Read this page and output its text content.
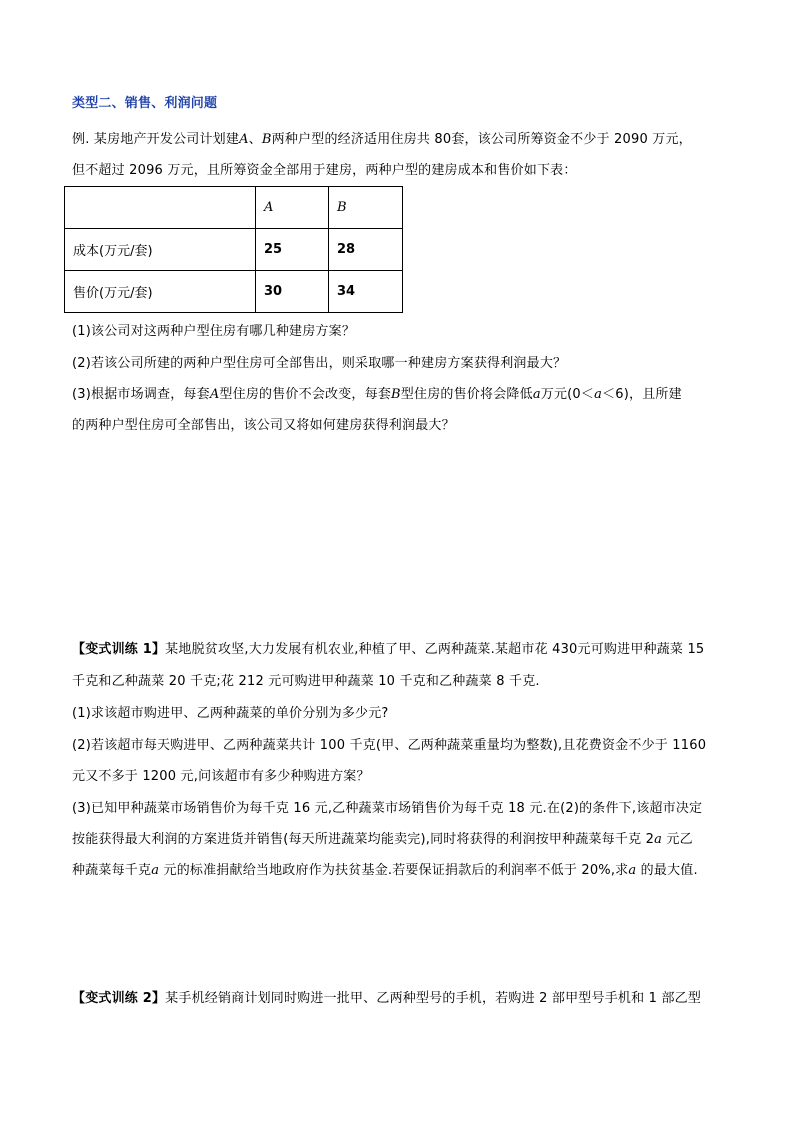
类型二、销售、利润问题
例. 某房地产开发公司计划建A、B两种户型的经济适用住房共 80套，该公司所筹资金不少于 2090 万元，
但不超过 2096 万元，且所筹资金全部用于建房，两种户型的建房成本和售价如下表：
	A	B
成本(万元/套)	25	28
售价(万元/套)	30	34
(1)该公司对这两种户型住房有哪几种建房方案？
(2)若该公司所建的两种户型住房可全部售出，则采取哪一种建房方案获得利润最大？
(3)根据市场调查，每套A型住房的售价不会改变，每套B型住房的售价将会降低a万元(0＜a＜6)，且所建
的两种户型住房可全部售出，该公司又将如何建房获得利润最大？
【变式训练 1】某地脱贫攻坚,大力发展有机农业,种植了甲、乙两种蔬菜.某超市花 430元可购进甲种蔬菜 15
千克和乙种蔬菜 20 千克;花 212 元可购进甲种蔬菜 10 千克和乙种蔬菜 8 千克.
(1)求该超市购进甲、乙两种蔬菜的单价分别为多少元?
(2)若该超市每天购进甲、乙两种蔬菜共计 100 千克(甲、乙两种蔬菜重量均为整数),且花费资金不少于 1160
元又不多于 1200 元,问该超市有多少种购进方案？
(3)已知甲种蔬菜市场销售价为每千克 16 元,乙种蔬菜市场销售价为每千克 18 元.在(2)的条件下,该超市决定
按能获得最大利润的方案进货并销售(每天所进蔬菜均能卖完),同时将获得的利润按甲种蔬菜每千克 2a 元乙
种蔬菜每千克a 元的标准捐献给当地政府作为扶贫基金.若要保证捐款后的利润率不低于 20%,求a 的最大值.
【变式训练 2】某手机经销商计划同时购进一批甲、乙两种型号的手机，若购进 2 部甲型号手机和 1 部乙型
